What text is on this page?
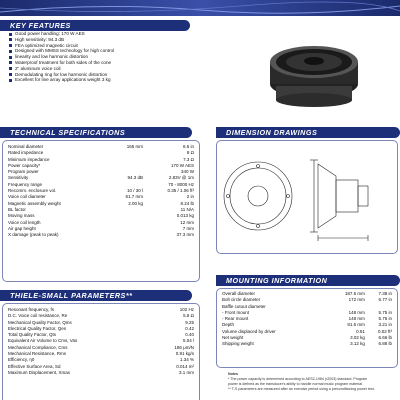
KEY FEATURES
Good power handling: 170 W AES
High sensitivity: 94.3 dB
FEA optimized magnetic circuit
Designed with MMSS technology for high control
linearity and low harmonic distortion
Waterproof treatment for both sides of the cone
2" aluminum voice coil
Demodulating ring for low harmonic distortion
Excellent for line array applications weight 3 kg
TECHNICAL SPECIFICATIONS
Nominal diameter	165 mm	6.5 in
Rated impedance		8 Ω
Minimum impedance		7.3 Ω
Power capacity*		170 W AES
Program power		340 W
Sensitivity	94.3 dB	2.83V @ 1m
Frequency range		70 - 8000 Hz
Recomm. enclosure vol.	10 / 30 l	0.35 / 1.06 ft³
Voice coil diameter	51.7 mm	2 in
Magnetic assembly weight	2.00 kg	8.24 lb
BL factor		11 N/A
Moving mass		0.013 kg
Voice coil length		12 mm
Air gap height		7 mm
X damage (peak to peak)		37.3 mm
DIMENSION DRAWINGS
THIELE-SMALL PARAMETERS**
Resonant frequency, fs	102 Hz
D.C. Voice coil resistance, Re	5.8 Ω
Mechanical Quality Factor, Qms	9.25
Electrical Quality Factor, Qes	0.42
Total Quality Factor, Qts	0.40
Equivalent Air Volume to Cms, Vas	5.04 l
Mechanical Compliance, Cms	186 μm/N
Mechanical Resistance, Rms	0.91 kg/s
Efficiency, η0	1.34 %
Effective Surface Area, Sd	0.014 m²
Maximum Displacement, Xmax	3.1 mm
MOUNTING INFORMATION
Overall diameter	187.5 mm	7.38 in
Bolt circle diameter	172 mm	6.77 in
Baffle cutout diameter		
- Front mount	148 mm	5.75 in
- Rear mount	148 mm	5.75 in
Depth	81.5 mm	3.21 in
Volume displaced by driver	0.51	0.02 ft³
Net weight	3.02 kg	6.66 lb
Shipping weight	3.12 kg	6.88 lb
Notes
* The power capacity is determined according to AES2-1984 (r2003) standard. Program
power is defined as the transducer's ability to handle normal music program material.
** T-S parameters are measured after an exercise period using a preconditioning power test.
